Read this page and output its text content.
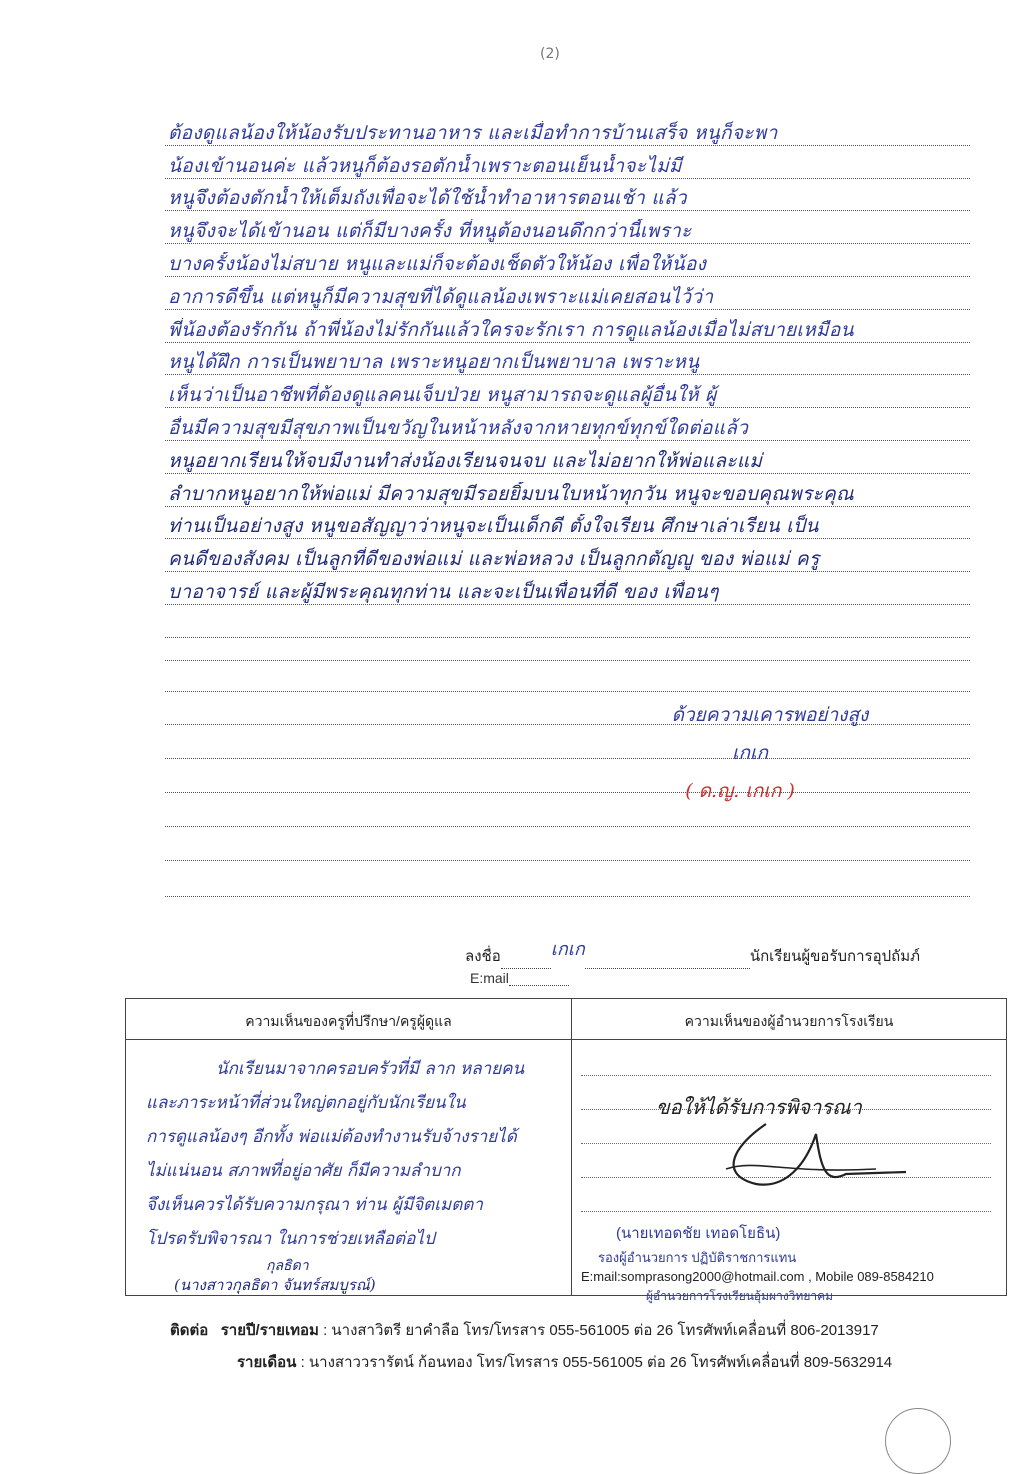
(2)
ต้องดูแลน้องให้น้องรับประทานอาหาร และเมื่อทำการบ้านเสร็จ หนูก็จะพา
น้องเข้านอนค่ะ แล้วหนูก็ต้องรอตักน้ำเพราะตอนเย็นน้ำจะไม่มี
หนูจึงต้องตักน้ำให้เต็มถังเพื่อจะได้ใช้น้ำทำอาหารตอนเช้า แล้ว
หนูจึงจะได้เข้านอน แต่ก็มีบางครั้ง ที่หนูต้องนอนดึกกว่านี้เพราะ
บางครั้งน้องไม่สบาย หนูและแม่ก็จะต้องเช็ดตัวให้น้อง เพื่อให้น้อง
อาการดีขึ้น แต่หนูก็มีความสุขที่ได้ดูแลน้องเพราะแม่เคยสอนไว้ว่า
พี่น้องต้องรักกัน ถ้าพี่น้องไม่รักกันแล้วใครจะรักเรา การดูแลน้องเมื่อไม่สบายเหมือน
หนูได้ฝึก การเป็นพยาบาล เพราะหนูอยากเป็นพยาบาล เพราะหนู
เห็นว่าเป็นอาชีพที่ต้องดูแลคนเจ็บป่วย หนูสามารถจะดูแลผู้อื่นให้ ผู้
อื่นมีความสุขมีสุขภาพเป็นขวัญในหน้าหลังจากหายทุกข์ทุกข์ใดต่อแล้ว
หนูอยากเรียนให้จบมีงานทำส่งน้องเรียนจนจบ และไม่อยากให้พ่อและแม่
ลำบากหนูอยากให้พ่อแม่ มีความสุขมีรอยยิ้มบนใบหน้าทุกวัน หนูจะขอบคุณพระคุณ
ท่านเป็นอย่างสูง หนูขอสัญญาว่าหนูจะเป็นเด็กดี ตั้งใจเรียน ศึกษาเล่าเรียน เป็น
คนดีของสังคม เป็นลูกที่ดีของพ่อแม่ และพ่อหลวง เป็นลูกกตัญญู ของ พ่อแม่ ครู
บาอาจารย์ และผู้มีพระคุณทุกท่าน และจะเป็นเพื่อนที่ดี ของ เพื่อนๆ
ด้วยความเคารพอย่างสูง
เกเก
( ด.ญ. เกเก )
ลงชื่อ	เกเก	นักเรียนผู้ขอรับการอุปถัมภ์
E:mail
ความเห็นของครูที่ปรึกษา/ครูผู้ดูแล	ความเห็นของผู้อำนวยการโรงเรียน
นักเรียนมาจากครอบครัวที่มี ลาก หลายคน
และภาระหน้าที่ส่วนใหญ่ตกอยู่กับนักเรียนใน
การดูแลน้องๆ อีกทั้ง พ่อแม่ต้องทำงานรับจ้างรายได้
ไม่แน่นอน สภาพที่อยู่อาศัย ก็มีความลำบาก
จึงเห็นควรได้รับความกรุณา ท่าน ผู้มีจิตเมตตา
โปรดรับพิจารณา ในการช่วยเหลือต่อไป
กุลธิดา
(นางสาวกุลธิดา จันทร์สมบูรณ์)
ขอให้ได้รับการพิจารณา
(นายเทอดชัย เทอดโยธิน)
รองผู้อำนวยการ ปฏิบัติราชการแทน
ผู้อำนวยการโรงเรียนอุ้มผางวิทยาคม
E:mail:somprasong2000@hotmail.com , Mobile 089-8584210
ติดต่อ รายปี/รายเทอม : นางสาวิตรี ยาคำลือ โทร/โทรสาร 055-561005 ต่อ 26 โทรศัพท์เคลื่อนที่ 806-2013917
รายเดือน : นางสาววรารัตน์ ก้อนทอง โทร/โทรสาร 055-561005 ต่อ 26 โทรศัพท์เคลื่อนที่ 809-5632914
